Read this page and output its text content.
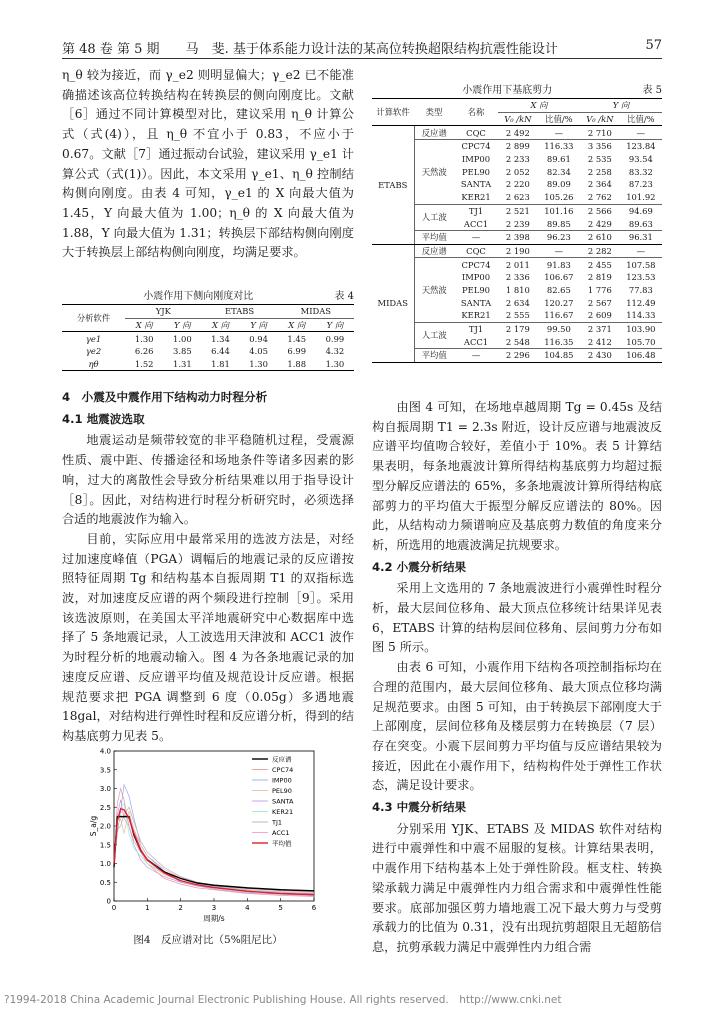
第 48 卷 第 5 期 马　斐. 基于体系能力设计法的某高位转换超限结构抗震性能设计	57

η_θ 较为接近，而 γ_e2 则明显偏大；γ_e2 已不能准确描述该高位转换结构在转换层的侧向刚度比。文献［6］通过不同计算模型对比，建议采用 η_θ 计算公式（式(4)），且 η_θ 不宜小于 0.83，不应小于 0.67。文献［7］通过振动台试验，建议采用 γ_e1 计算公式（式(1)）。因此，本文采用 γ_e1、η_θ 控制结构侧向刚度。由表 4 可知，γ_e1 的 X 向最大值为 1.45，Y 向最大值为 1.00；η_θ 的 X 向最大值为 1.88，Y 向最大值为 1.31；转换层下部结构侧向刚度大于转换层上部结构侧向刚度，均满足要求。

小震作用下侧向刚度对比	表 4
分析软件	YJK		ETABS		MIDAS	
	X 向	Y 向	X 向	Y 向	X 向	Y 向
γe1	1.30	1.00	1.34	0.94	1.45	0.99
γe2	6.26	3.85	6.44	4.05	6.99	4.32
ηθ	1.52	1.31	1.81	1.30	1.88	1.30
4　小震及中震作用下结构动力时程分析
4.1 地震波选取

地震运动是频带较宽的非平稳随机过程，受震源性质、震中距、传播途径和场地条件等诸多因素的影响，过大的离散性会导致分析结果难以用于指导设计［8］。因此，对结构进行时程分析研究时，必须选择合适的地震波作为输入。

目前，实际应用中最常采用的选波方法是，对经过加速度峰值（PGA）调幅后的地震记录的反应谱按照特征周期 Tg 和结构基本自振周期 T1 的双指标选波，对加速度反应谱的两个频段进行控制［9］。采用该选波原则，在美国太平洋地震研究中心数据库中选择了 5 条地震记录，人工波选用天津波和 ACC1 波作为时程分析的地震动输入。图 4 为各条地震记录的加速度反应谱、反应谱平均值及规范设计反应谱。根据规范要求把 PGA 调整到 6 度（0.05g）多遇地震 18gal，对结构进行弹性时程和反应谱分析，得到的结构基底剪力见表 5。

0
0.5
1.0
1.5
2.0
2.5
3.0
3.5
4.0
0	1	2	3	4	5	6
周期/s
S_a/g
反应谱
CPC74
IMP00
PEL90
SANTA
KER21
TJ1
ACC1
平均值
图4　反应谱对比（5%阻尼比）
小震作用下基底剪力	表 5
计算软件	类型	名称	X 向		Y 向	
			V₀ /kN	比值/%	V₀ /kN	比值/%
ETABS	反应谱	CQC	2 492	—	2 710	—
	天然波	CPC74	2 899	116.33	3 356	123.84
		IMP00	2 233	89.61	2 535	93.54
		PEL90	2 052	82.34	2 258	83.32
		SANTA	2 220	89.09	2 364	87.23
		KER21	2 623	105.26	2 762	101.92
	人工波	TJ1	2 521	101.16	2 566	94.69
		ACC1	2 239	89.85	2 429	89.63
	平均值	—	2 398	96.23	2 610	96.31
MIDAS	反应谱	CQC	2 190	—	2 282	—
	天然波	CPC74	2 011	91.83	2 455	107.58
		IMP00	2 336	106.67	2 819	123.53
		PEL90	1 810	82.65	1 776	77.83
		SANTA	2 634	120.27	2 567	112.49
		KER21	2 555	116.67	2 609	114.33
	人工波	TJ1	2 179	99.50	2 371	103.90
		ACC1	2 548	116.35	2 412	105.70
	平均值	—	2 296	104.85	2 430	106.48

由图 4 可知，在场地卓越周期 Tg = 0.45s 及结构自振周期 T1 = 2.3s 附近，设计反应谱与地震波反应谱平均值吻合较好，差值小于 10%。表 5 计算结果表明，每条地震波计算所得结构基底剪力均超过振型分解反应谱法的 65%，多条地震波计算所得结构底部剪力的平均值大于振型分解反应谱法的 80%。因此，从结构动力频谱响应及基底剪力数值的角度来分析，所选用的地震波满足抗规要求。

4.2 小震分析结果

采用上文选用的 7 条地震波进行小震弹性时程分析，最大层间位移角、最大顶点位移统计结果详见表 6，ETABS 计算的结构层间位移角、层间剪力分布如图 5 所示。

由表 6 可知，小震作用下结构各项控制指标均在合理的范围内，最大层间位移角、最大顶点位移均满足规范要求。由图 5 可知，由于转换层下部刚度大于上部刚度，层间位移角及楼层剪力在转换层（7 层）存在突变。小震下层间剪力平均值与反应谱结果较为接近，因此在小震作用下，结构构件处于弹性工作状态，满足设计要求。

4.3 中震分析结果

分别采用 YJK、ETABS 及 MIDAS 软件对结构进行中震弹性和中震不屈服的复核。计算结果表明，中震作用下结构基本上处于弹性阶段。框支柱、转换梁承载力满足中震弹性内力组合需求和中震弹性性能要求。底部加强区剪力墙地震工况下最大剪力与受剪承载力的比值为 0.31，没有出现抗剪超限且无超筋信息，抗剪承载力满足中震弹性内力组合需

?1994-2018 China Academic Journal Electronic Publishing House. All rights reserved.　http://www.cnki.net
